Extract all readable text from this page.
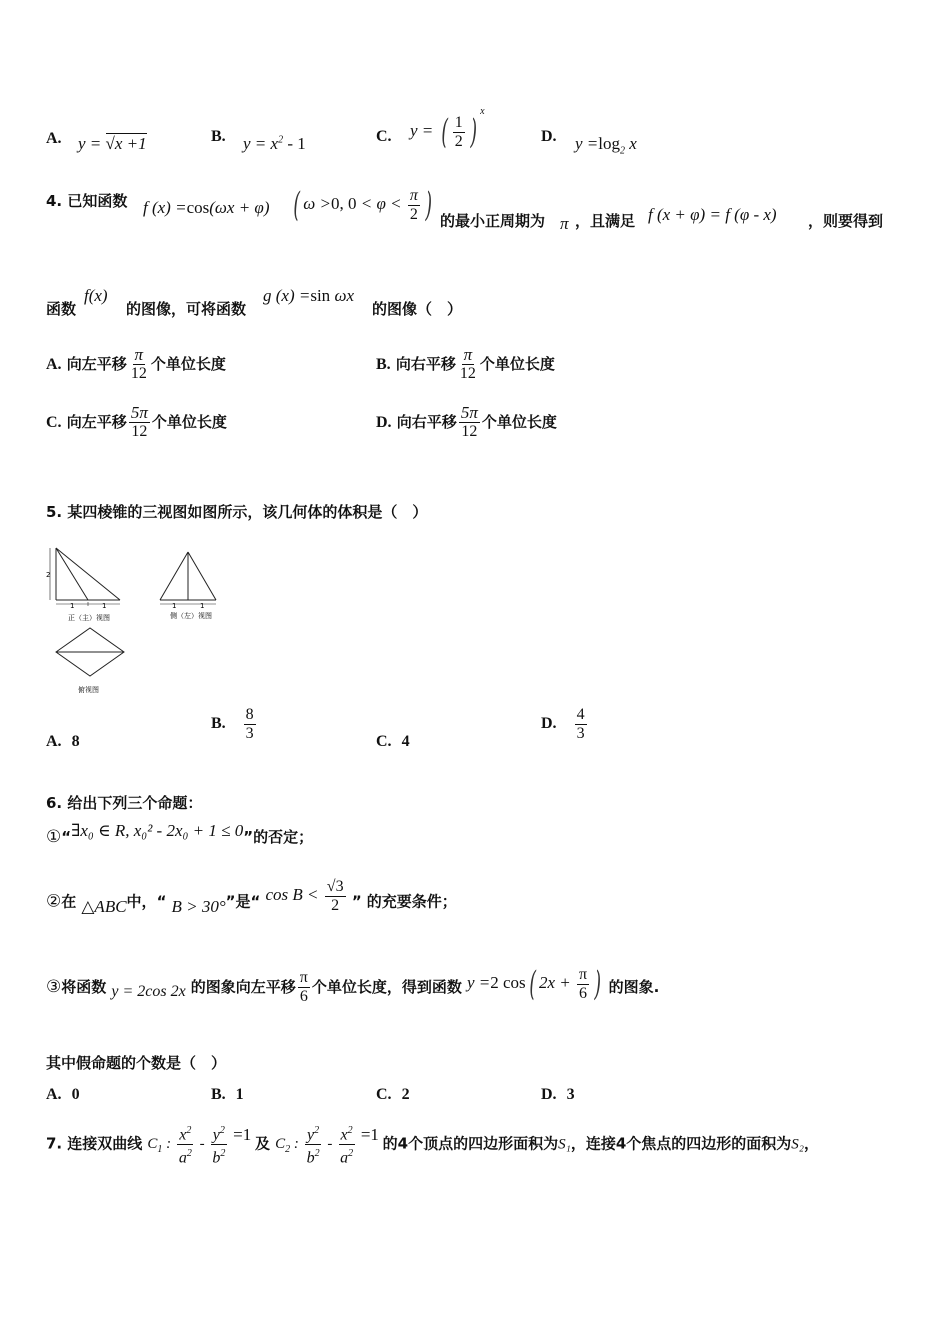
A. y = √x +1	B. $y = x^2 - 1$	C. y = ( $\frac{1}{2} )^x$
D. $y =\log_2$ x
4. 已知函数 f (x) =cos(ωx + φ) ( ω >0, $0 < \varphi < \frac{\pi}{2}$ ) 的最小正周期为 π ，且满足 f (x + φ) = f (φ - x) ，则要得到
函数
f(x)
的图像，可将函数
g (x) =sin ωx
的图像（　）
A. 向左平移 $\frac{\pi}{12}$ 个单位长度	B. 向右平移 $\frac{\pi}{12}$ 个单位长度
C. 向左平移 $\frac{5\pi}{12}$ 个单位长度	D. 向右平移 $\frac{5\pi}{12}$ 个单位长度
5. 某四棱锥的三视图如图所示，该几何体的体积是（　）
2
1	1
正（主）视图
1	1
侧（左）视图
俯视图
A. 8
B. $\frac{8}{3}$	C. 4
D. $\frac{4}{3}$
6. 给出下列三个命题：
①“∃x₀ ∈ R, x₀² - 2x₀ + 1 ≤ 0”的否定；
②在 △ABC中，“ B > 30°”是“ $\cos B < \frac{√3}{2}$ ” 的充要条件；
③将函数 y = 2cos 2x 的图象向左平移 $\frac{\pi}{6}$ 个单位长度，得到函数 y =2 cos( $2x + \frac{\pi}{6}$ ) 的图象.
其中假命题的个数是（　）
A. 0	B. 1	C. 2	D. 3
7. 连接双曲线 $C_1$ : $\frac{x^2}{a^2} - \frac{y^2}{b^2} =1$ 及 $C_2$ : $\frac{y^2}{b^2} - \frac{x^2}{a^2} =1$ 的4个顶点的四边形面积为S₁，连接4个焦点的四边形的面积为S₂，
